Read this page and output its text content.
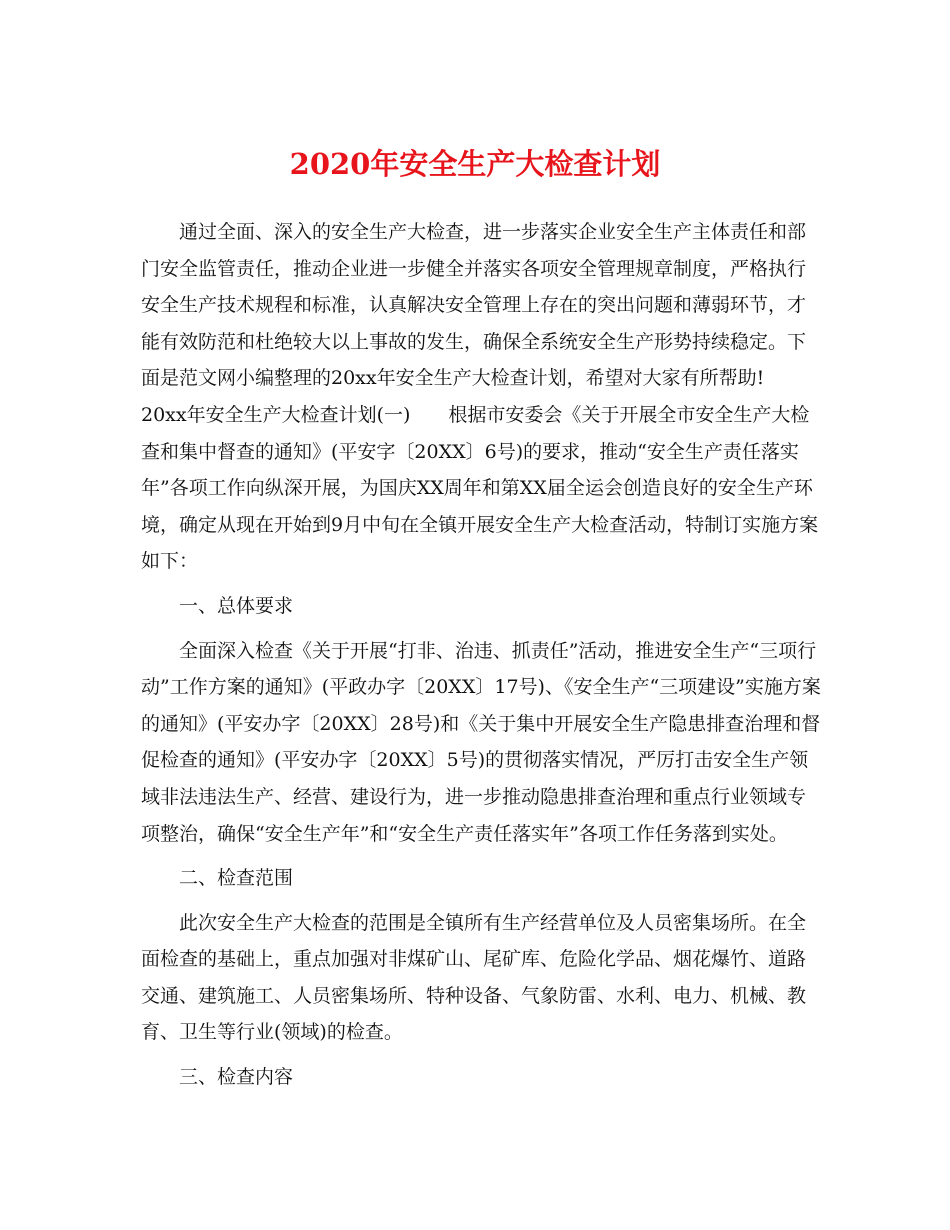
2020年安全生产大检查计划

通过全面、深入的安全生产大检查，进一步落实企业安全生产主体责任和部门安全监管责任，推动企业进一步健全并落实各项安全管理规章制度，严格执行安全生产技术规程和标准，认真解决安全管理上存在的突出问题和薄弱环节，才能有效防范和杜绝较大以上事故的发生，确保全系统安全生产形势持续稳定。下面是范文网小编整理的20xx年安全生产大检查计划，希望对大家有所帮助!

20xx年安全生产大检查计划(一)　　根据市安委会《关于开展全市安全生产大检查和集中督查的通知》(平安字〔20XX〕6号)的要求，推动“安全生产责任落实年”各项工作向纵深开展，为国庆XX周年和第XX届全运会创造良好的安全生产环境，确定从现在开始到9月中旬在全镇开展安全生产大检查活动，特制订实施方案如下：

一、总体要求

全面深入检查《关于开展“打非、治违、抓责任”活动，推进安全生产“三项行动”工作方案的通知》(平政办字〔20XX〕17号)、《安全生产“三项建设”实施方案的通知》(平安办字〔20XX〕28号)和《关于集中开展安全生产隐患排查治理和督促检查的通知》(平安办字〔20XX〕5号)的贯彻落实情况，严厉打击安全生产领域非法违法生产、经营、建设行为，进一步推动隐患排查治理和重点行业领域专项整治，确保“安全生产年”和“安全生产责任落实年”各项工作任务落到实处。

二、检查范围

此次安全生产大检查的范围是全镇所有生产经营单位及人员密集场所。在全面检查的基础上，重点加强对非煤矿山、尾矿库、危险化学品、烟花爆竹、道路交通、建筑施工、人员密集场所、特种设备、气象防雷、水利、电力、机械、教育、卫生等行业(领域)的检查。

三、检查内容
